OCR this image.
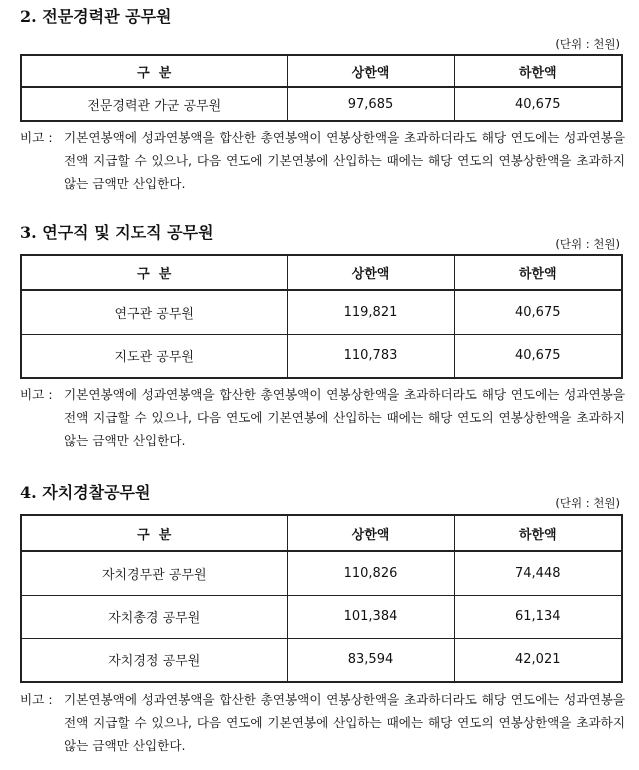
2. 전문경력관 공무원
(단위 : 천원)
구  분	상한액	하한액
전문경력관 가군 공무원	97,685	40,675
비고 : 기본연봉액에 성과연봉액을 합산한 총연봉액이 연봉상한액을 초과하더라도 해당 연도에는 성과연봉을 전액 지급할 수 있으나, 다음 연도에 기본연봉에 산입하는 때에는 해당 연도의 연봉상한액을 초과하지 않는 금액만 산입한다.
3. 연구직 및 지도직 공무원
(단위 : 천원)
구  분	상한액	하한액
연구관 공무원	119,821	40,675
지도관 공무원	110,783	40,675
비고 : 기본연봉액에 성과연봉액을 합산한 총연봉액이 연봉상한액을 초과하더라도 해당 연도에는 성과연봉을 전액 지급할 수 있으나, 다음 연도에 기본연봉에 산입하는 때에는 해당 연도의 연봉상한액을 초과하지 않는 금액만 산입한다.
4. 자치경찰공무원
(단위 : 천원)
구  분	상한액	하한액
자치경무관 공무원	110,826	74,448
자치총경 공무원	101,384	61,134
자치경정 공무원	83,594	42,021
비고 : 기본연봉액에 성과연봉액을 합산한 총연봉액이 연봉상한액을 초과하더라도 해당 연도에는 성과연봉을 전액 지급할 수 있으나, 다음 연도에 기본연봉에 산입하는 때에는 해당 연도의 연봉상한액을 초과하지 않는 금액만 산입한다.
